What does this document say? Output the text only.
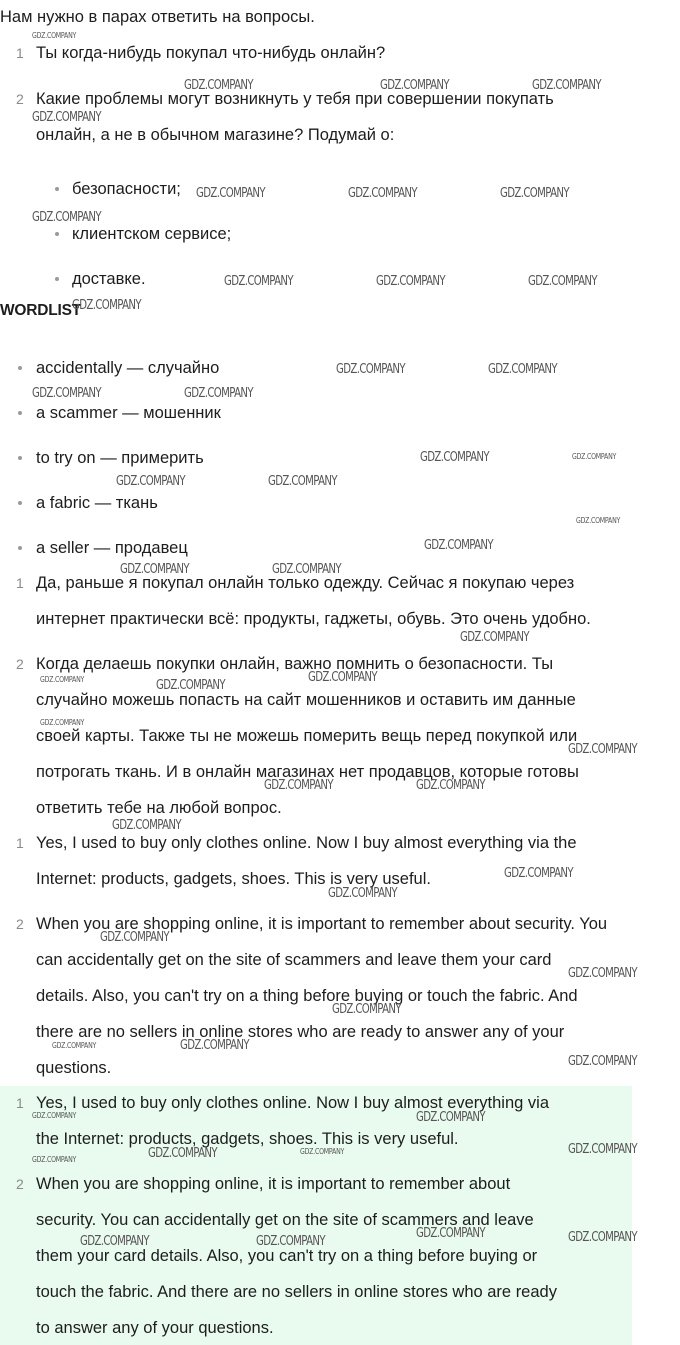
Нам нужно в парах ответить на вопросы.
1 Ты когда-нибудь покупал что-нибудь онлайн?
2 Какие проблемы могут возникнуть у тебя при совершении покупать
онлайн, а не в обычном магазине? Подумай о:
безопасности;
клиентском сервисе;
доставке.
WORDLIST
accidentally — случайно
a scammer — мошенник
to try on — примерить
a fabric — ткань
a seller — продавец
1 Да, раньше я покупал онлайн только одежду. Сейчас я покупаю через
интернет практически всё: продукты, гаджеты, обувь. Это очень удобно.
2 Когда делаешь покупки онлайн, важно помнить о безопасности. Ты
случайно можешь попасть на сайт мошенников и оставить им данные
своей карты. Также ты не можешь померить вещь перед покупкой или
потрогать ткань. И в онлайн магазинах нет продавцов, которые готовы
ответить тебе на любой вопрос.
1 Yes, I used to buy only clothes online. Now I buy almost everything via the
Internet: products, gadgets, shoes. This is very useful.
2 When you are shopping online, it is important to remember about security. You
can accidentally get on the site of scammers and leave them your card
details. Also, you can't try on a thing before buying or touch the fabric. And
there are no sellers in online stores who are ready to answer any of your
questions.
1 Yes, I used to buy only clothes online. Now I buy almost everything via
the Internet: products, gadgets, shoes. This is very useful.
2 When you are shopping online, it is important to remember about
security. You can accidentally get on the site of scammers and leave
them your card details. Also, you can't try on a thing before buying or
touch the fabric. And there are no sellers in online stores who are ready
to answer any of your questions.
GDZ.COMPANY
GDZ.COMPANY	GDZ.COMPANY	GDZ.COMPANY
GDZ.COMPANY
GDZ.COMPANY	GDZ.COMPANY	GDZ.COMPANY
GDZ.COMPANY
GDZ.COMPANY	GDZ.COMPANY	GDZ.COMPANY
GDZ.COMPANY
GDZ.COMPANY	GDZ.COMPANY
GDZ.COMPANY	GDZ.COMPANY
GDZ.COMPANY	GDZ.COMPANY
GDZ.COMPANY	GDZ.COMPANY
GDZ.COMPANY
GDZ.COMPANY
GDZ.COMPANY	GDZ.COMPANY
GDZ.COMPANY
GDZ.COMPANY	GDZ.COMPANY
GDZ.COMPANY
GDZ.COMPANY
GDZ.COMPANY
GDZ.COMPANY	GDZ.COMPANY
GDZ.COMPANY
GDZ.COMPANY
GDZ.COMPANY
GDZ.COMPANY
GDZ.COMPANY
GDZ.COMPANY
GDZ.COMPANY	GDZ.COMPANY
GDZ.COMPANY
GDZ.COMPANY	GDZ.COMPANY
GDZ.COMPANY
GDZ.COMPANY	GDZ.COMPANY
GDZ.COMPANY
GDZ.COMPANY	GDZ.COMPANY
GDZ.COMPANY	GDZ.COMPANY
